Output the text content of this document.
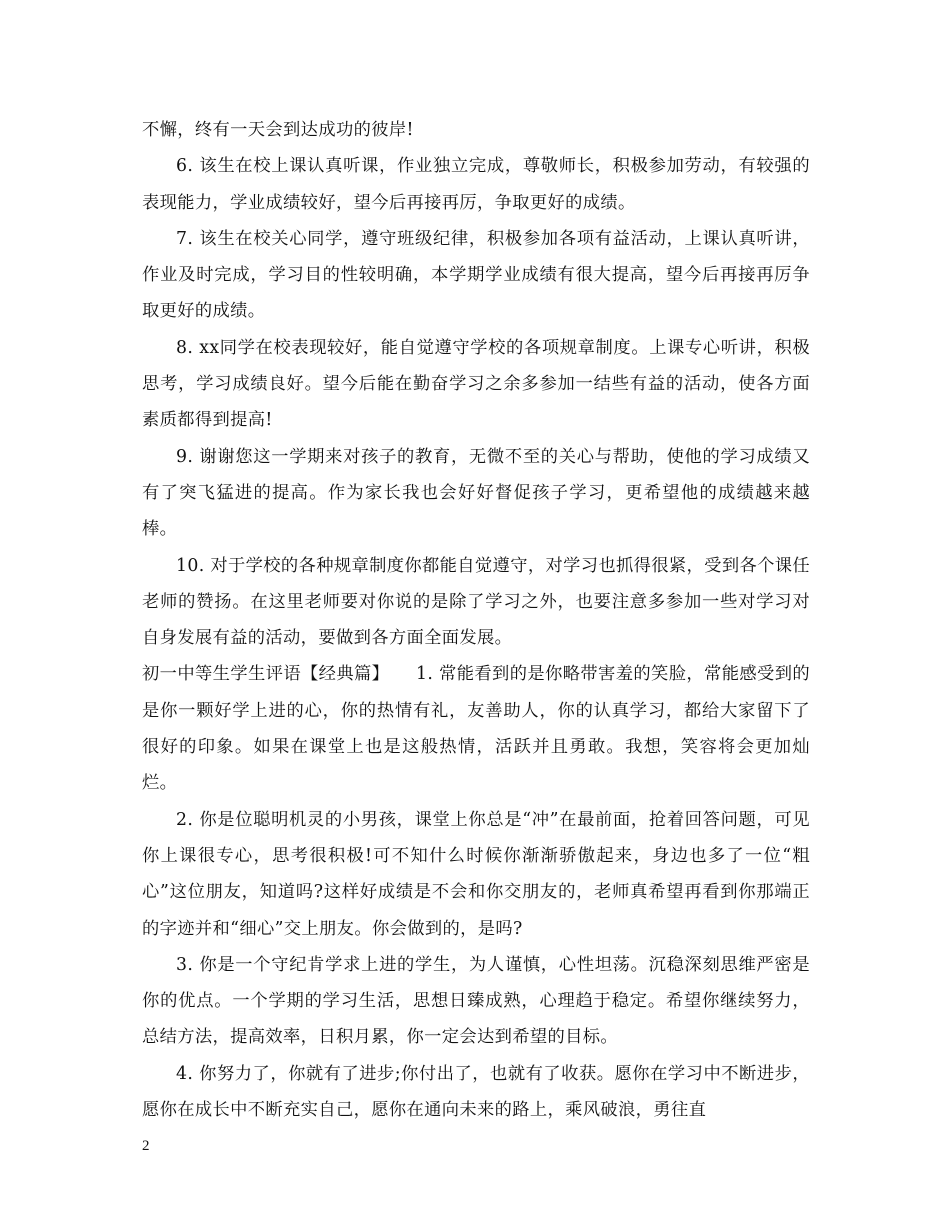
不懈，终有一天会到达成功的彼岸!

6. 该生在校上课认真听课，作业独立完成，尊敬师长，积极参加劳动，有较强的表现能力，学业成绩较好，望今后再接再厉，争取更好的成绩。

7. 该生在校关心同学，遵守班级纪律，积极参加各项有益活动，上课认真听讲，作业及时完成，学习目的性较明确，本学期学业成绩有很大提高，望今后再接再厉争取更好的成绩。

8. xx同学在校表现较好，能自觉遵守学校的各项规章制度。上课专心听讲，积极思考，学习成绩良好。望今后能在勤奋学习之余多参加一结些有益的活动，使各方面素质都得到提高!

9. 谢谢您这一学期来对孩子的教育，无微不至的关心与帮助，使他的学习成绩又有了突飞猛进的提高。作为家长我也会好好督促孩子学习，更希望他的成绩越来越棒。

10. 对于学校的各种规章制度你都能自觉遵守，对学习也抓得很紧，受到各个课任老师的赞扬。在这里老师要对你说的是除了学习之外，也要注意多参加一些对学习对自身发展有益的活动，要做到各方面全面发展。

初一中等生学生评语【经典篇】　　1. 常能看到的是你略带害羞的笑脸，常能感受到的是你一颗好学上进的心，你的热情有礼，友善助人，你的认真学习，都给大家留下了很好的印象。如果在课堂上也是这般热情，活跃并且勇敢。我想，笑容将会更加灿烂。

2. 你是位聪明机灵的小男孩，课堂上你总是“冲”在最前面，抢着回答问题，可见你上课很专心，思考很积极!可不知什么时候你渐渐骄傲起来，身边也多了一位“粗心”这位朋友，知道吗?这样好成绩是不会和你交朋友的，老师真希望再看到你那端正的字迹并和“细心”交上朋友。你会做到的，是吗?

3. 你是一个守纪肯学求上进的学生，为人谨慎，心性坦荡。沉稳深刻思维严密是你的优点。一个学期的学习生活，思想日臻成熟，心理趋于稳定。希望你继续努力，总结方法，提高效率，日积月累，你一定会达到希望的目标。

4. 你努力了，你就有了进步;你付出了，也就有了收获。愿你在学习中不断进步，愿你在成长中不断充实自己，愿你在通向未来的路上，乘风破浪，勇往直

2
